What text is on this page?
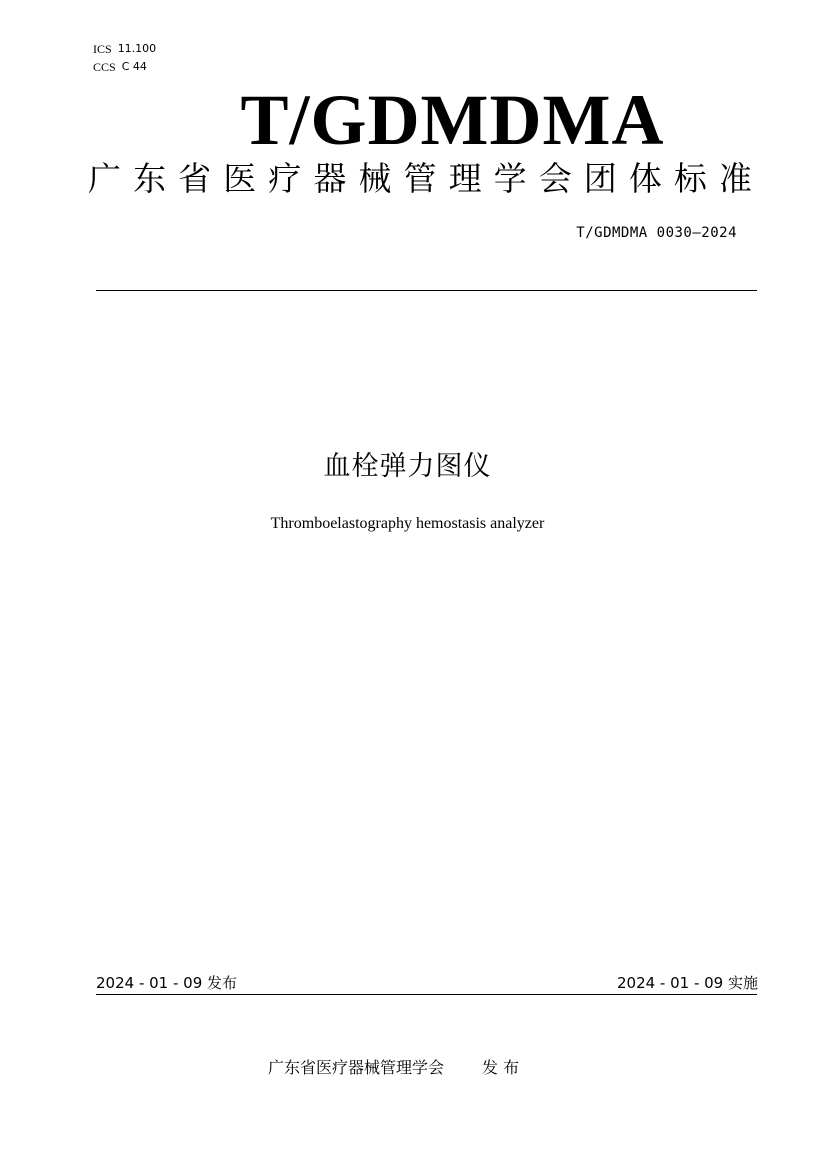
ICS 11.100
CCS C 44
T/GDMDMA
广东省医疗器械管理学会团体标准
T/GDMDMA 0030—2024
血栓弹力图仪
Thromboelastography hemostasis analyzer
2024 - 01 - 09 发布	2024 - 01 - 09 实施
广东省医疗器械管理学会 发 布
